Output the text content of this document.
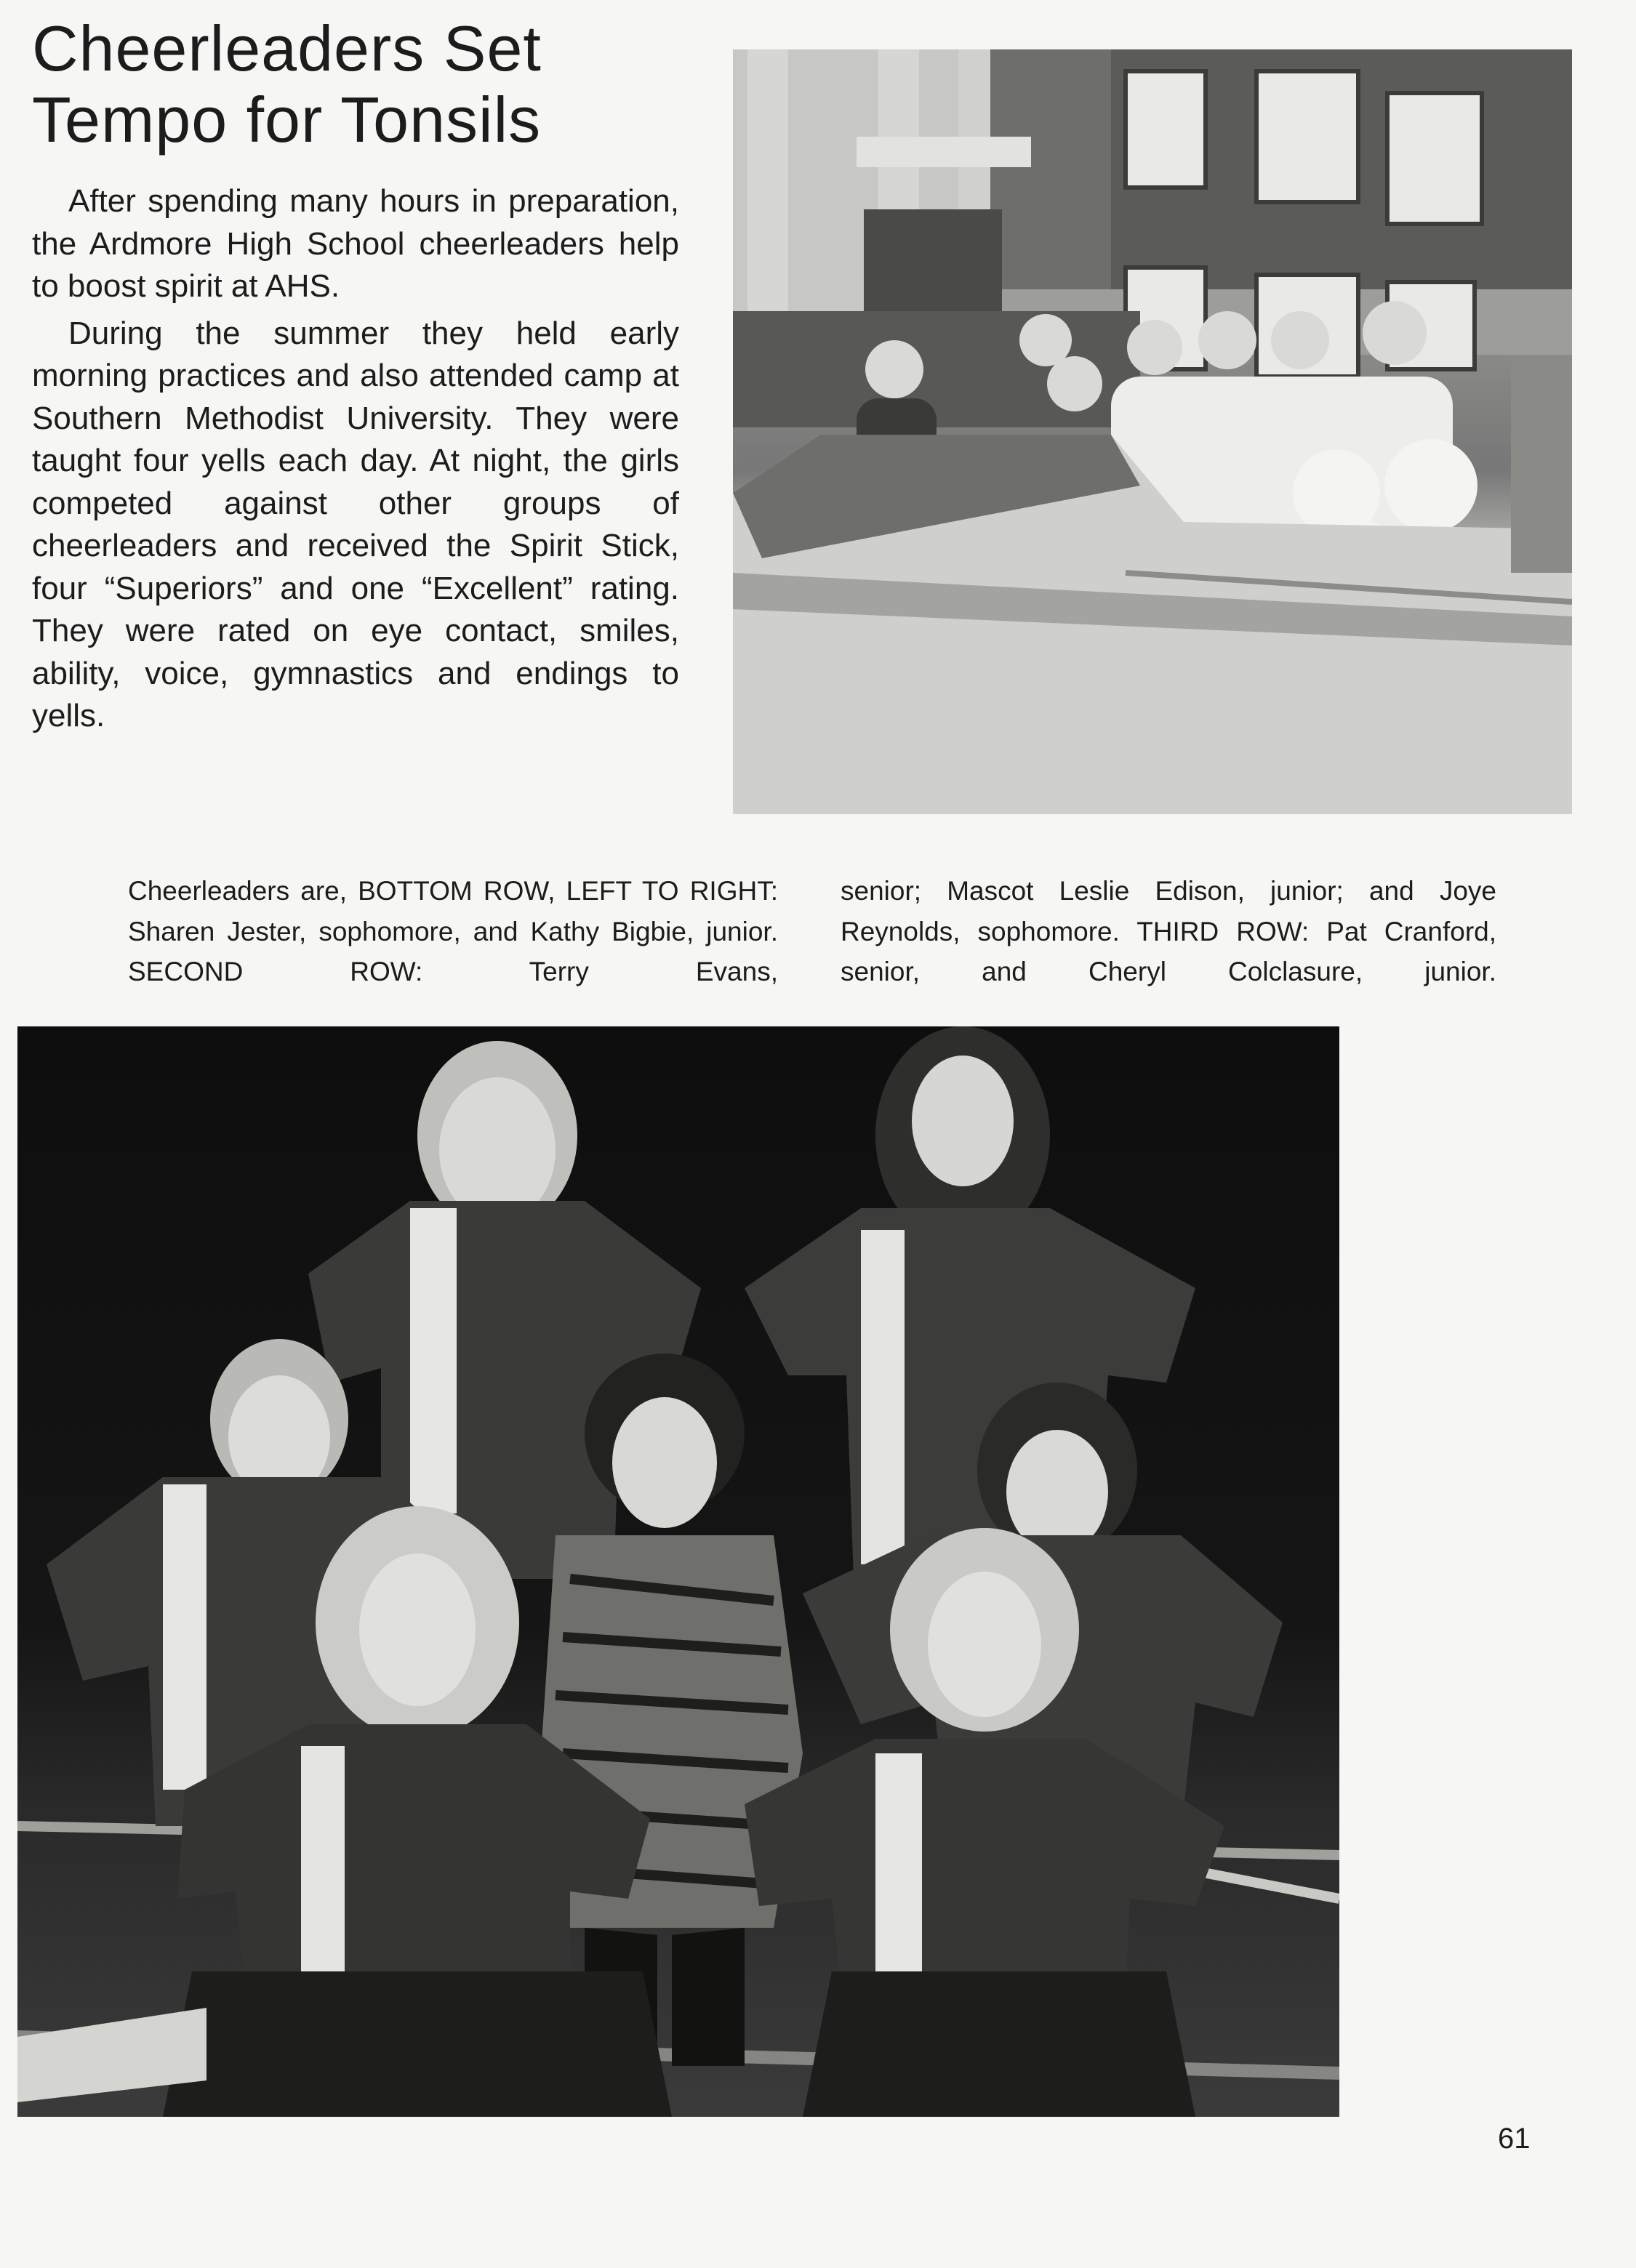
Cheerleaders Set
Tempo for Tonsils

After spending many hours in preparation, the Ardmore High School cheerleaders help to boost spirit at AHS.

During the summer they held early morning practices and also attended camp at Southern Methodist University. They were taught four yells each day. At night, the girls competed against other groups of cheerleaders and received the Spirit Stick, four “Superiors” and one “Excellent” rating. They were rated on eye contact, smiles, ability, voice, gymnastics and endings to yells.

Cheerleaders are, BOTTOM ROW, LEFT TO RIGHT: Sharen Jester, sophomore, and Kathy Bigbie, junior. SECOND ROW: Terry Evans,
senior; Mascot Leslie Edison, junior; and Joye Reynolds, sophomore. THIRD ROW: Pat Cranford, senior, and Cheryl Colclasure, junior.
61
